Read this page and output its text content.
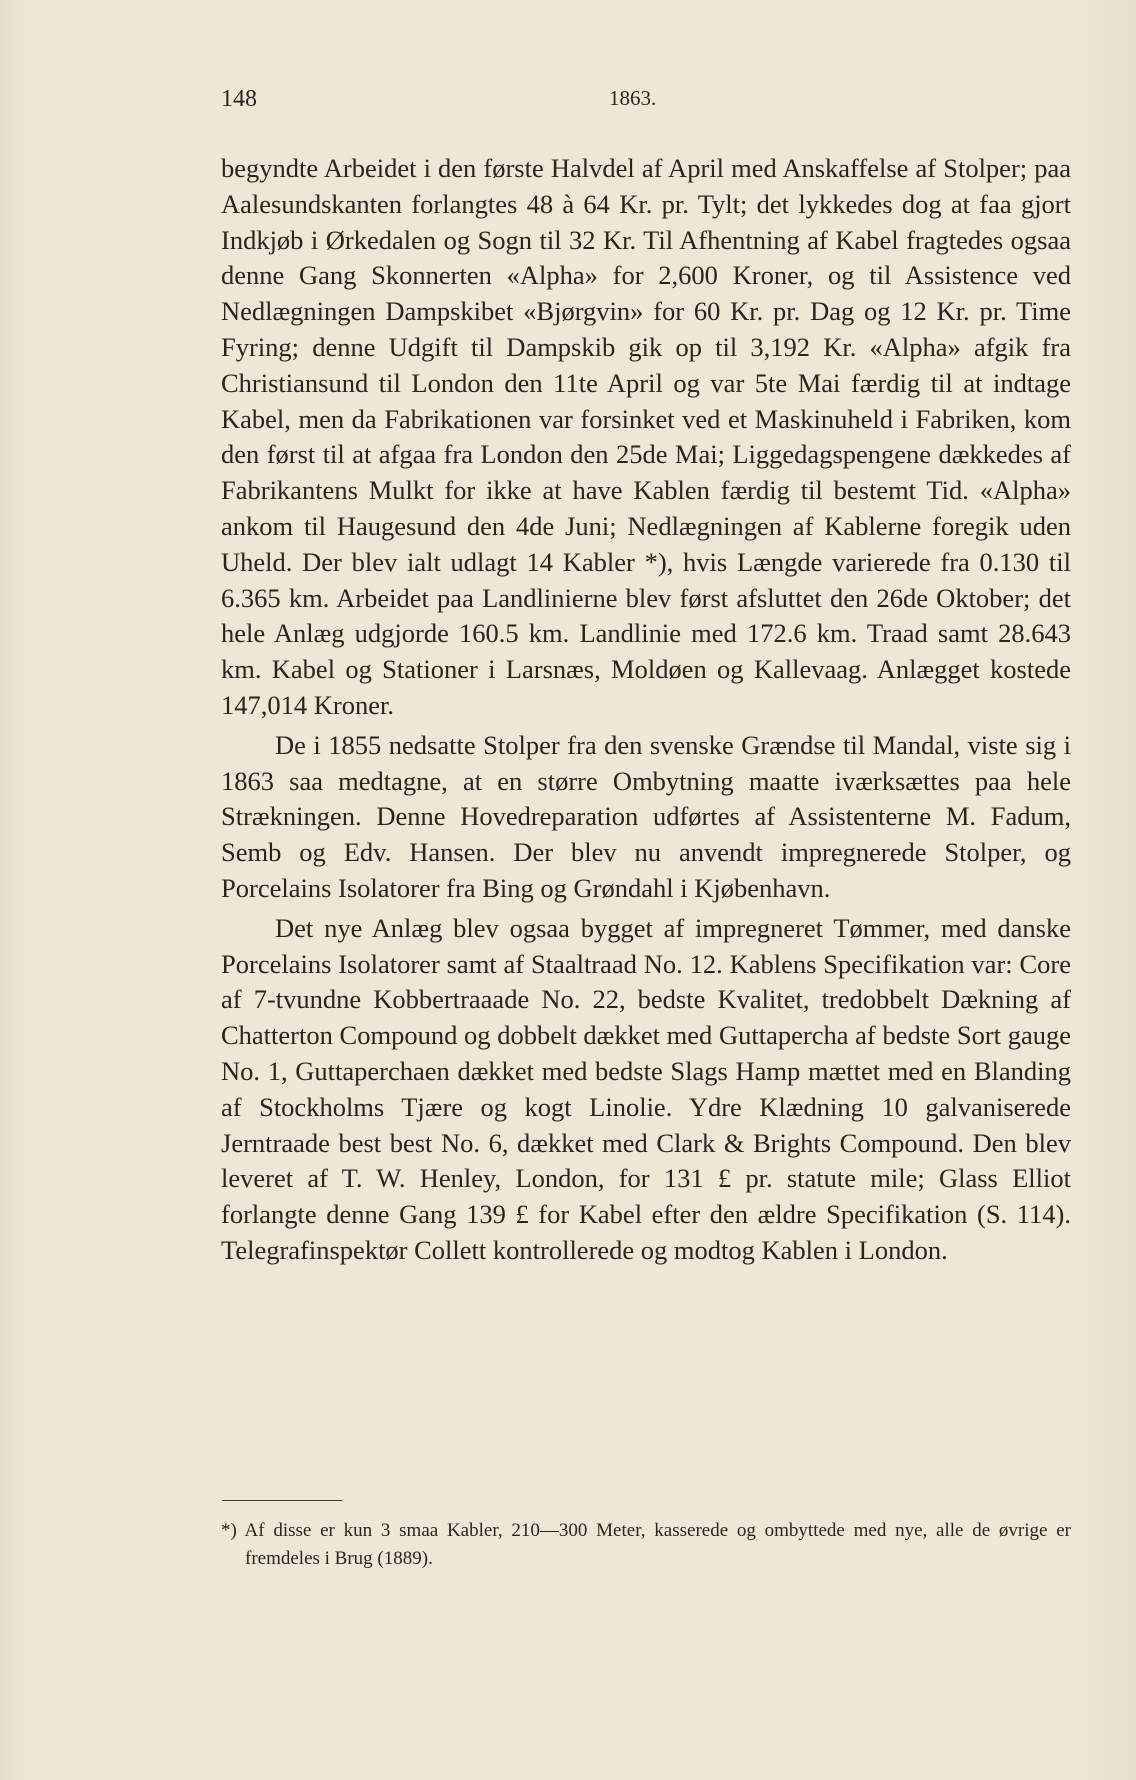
148	1863.

begyndte Arbeidet i den første Halvdel af April med Anskaffelse af Stolper; paa Aalesundskanten forlangtes 48 à 64 Kr. pr. Tylt; det lykkedes dog at faa gjort Indkjøb i Ørkedalen og Sogn til 32 Kr. Til Afhentning af Kabel fragtedes ogsaa denne Gang Skonnerten «Alpha» for 2,600 Kroner, og til Assistence ved Nedlægningen Dampskibet «Bjørgvin» for 60 Kr. pr. Dag og 12 Kr. pr. Time Fyring; denne Udgift til Dampskib gik op til 3,192 Kr. «Alpha» afgik fra Christiansund til London den 11te April og var 5te Mai færdig til at indtage Kabel, men da Fabrikationen var forsinket ved et Maskinuheld i Fabriken, kom den først til at afgaa fra London den 25de Mai; Liggedagspengene dækkedes af Fabrikantens Mulkt for ikke at have Kablen færdig til bestemt Tid. «Alpha» ankom til Haugesund den 4de Juni; Nedlægningen af Kablerne foregik uden Uheld. Der blev ialt udlagt 14 Kabler *), hvis Længde varierede fra 0.130 til 6.365 km. Arbeidet paa Landlinierne blev først afsluttet den 26de Oktober; det hele Anlæg udgjorde 160.5 km. Landlinie med 172.6 km. Traad samt 28.643 km. Kabel og Stationer i Larsnæs, Moldøen og Kallevaag. Anlægget kostede 147,014 Kroner.

De i 1855 nedsatte Stolper fra den svenske Grændse til Mandal, viste sig i 1863 saa medtagne, at en større Ombytning maatte iværksættes paa hele Strækningen. Denne Hovedreparation udførtes af Assistenterne M. Fadum, Semb og Edv. Hansen. Der blev nu anvendt impregnerede Stolper, og Porcelains Isolatorer fra Bing og Grøndahl i Kjøbenhavn.

Det nye Anlæg blev ogsaa bygget af impregneret Tømmer, med danske Porcelains Isolatorer samt af Staaltraad No. 12. Kablens Specifikation var: Core af 7-tvundne Kobbertraaade No. 22, bedste Kvalitet, tredobbelt Dækning af Chatterton Compound og dobbelt dækket med Guttapercha af bedste Sort gauge No. 1, Guttaperchaen dækket med bedste Slags Hamp mættet med en Blanding af Stockholms Tjære og kogt Linolie. Ydre Klædning 10 galvaniserede Jerntraade best best No. 6, dækket med Clark & Brights Compound. Den blev leveret af T. W. Henley, London, for 131 £ pr. statute mile; Glass Elliot forlangte denne Gang 139 £ for Kabel efter den ældre Specifikation (S. 114). Telegrafinspektør Collett kontrollerede og modtog Kablen i London.

*) Af disse er kun 3 smaa Kabler, 210—300 Meter, kasserede og ombyttede med nye, alle de øvrige er fremdeles i Brug (1889).
